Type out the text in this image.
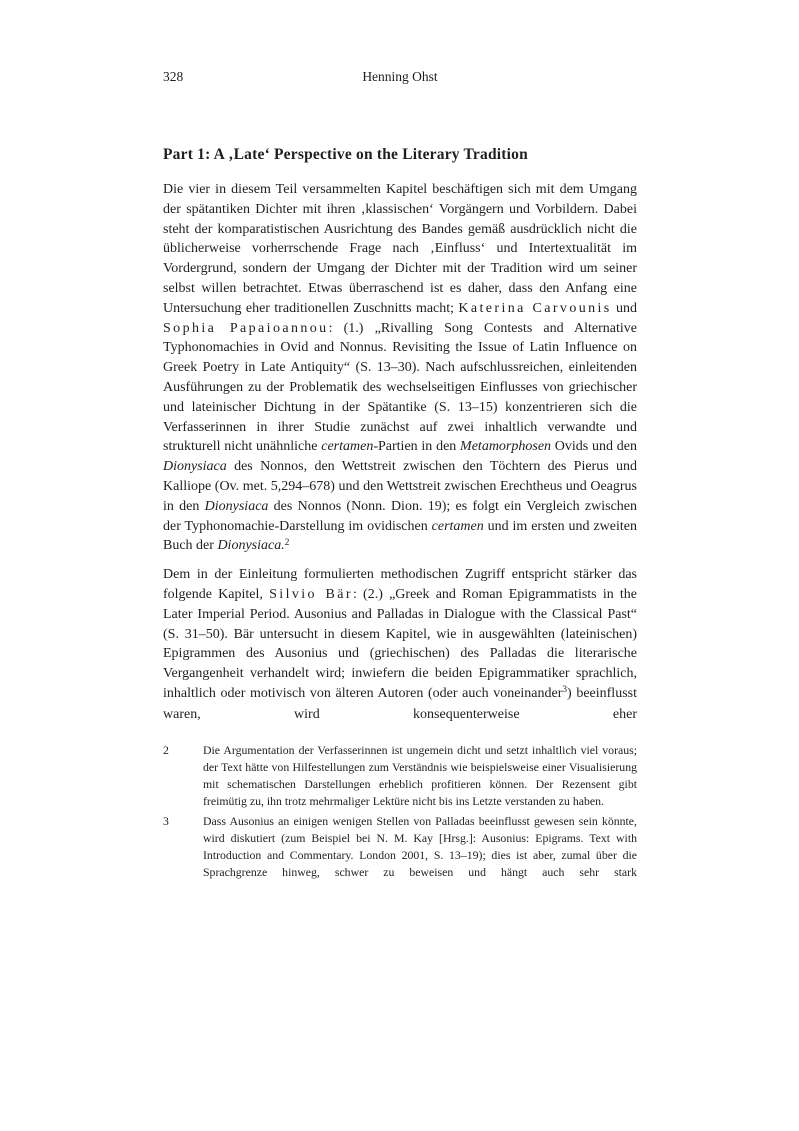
328	Henning Ohst
Part 1: A ‚Late‘ Perspective on the Literary Tradition

Die vier in diesem Teil versammelten Kapitel beschäftigen sich mit dem Umgang der spätantiken Dichter mit ihren ‚klassischen‘ Vorgängern und Vorbildern. Dabei steht der komparatistischen Ausrichtung des Bandes gemäß ausdrücklich nicht die üblicherweise vorherrschende Frage nach ‚Einfluss‘ und Intertextualität im Vordergrund, sondern der Umgang der Dichter mit der Tradition wird um seiner selbst willen betrachtet. Etwas überraschend ist es daher, dass den Anfang eine Untersuchung eher traditionellen Zuschnitts macht; Katerina Carvounis und Sophia Papaioannou: (1.) „Rivalling Song Contests and Alternative Typhonomachies in Ovid and Nonnus. Revisiting the Issue of Latin Influence on Greek Poetry in Late Antiquity“ (S. 13–30). Nach aufschlussreichen, einleitenden Ausführungen zu der Problematik des wechselseitigen Einflusses von griechischer und lateinischer Dichtung in der Spätantike (S. 13–15) konzentrieren sich die Verfasserinnen in ihrer Studie zunächst auf zwei inhaltlich verwandte und strukturell nicht unähnliche certamen-Partien in den Metamorphosen Ovids und den Dionysiaca des Nonnos, den Wettstreit zwischen den Töchtern des Pierus und Kalliope (Ov. met. 5,294–678) und den Wettstreit zwischen Erechtheus und Oeagrus in den Dionysiaca des Nonnos (Nonn. Dion. 19); es folgt ein Vergleich zwischen der Typhonomachie-Darstellung im ovidischen certamen und im ersten und zweiten Buch der Dionysiaca.$^2$

Dem in der Einleitung formulierten methodischen Zugriff entspricht stärker das folgende Kapitel, Silvio Bär: (2.) „Greek and Roman Epigrammatists in the Later Imperial Period. Ausonius and Palladas in Dialogue with the Classical Past“ (S. 31–50). Bär untersucht in diesem Kapitel, wie in ausgewählten (lateinischen) Epigrammen des Ausonius und (griechischen) des Palladas die literarische Vergangenheit verhandelt wird; inwiefern die beiden Epigrammatiker sprachlich, inhaltlich oder motivisch von älteren Autoren (oder auch voneinander$^3$) beeinflusst waren, wird konsequenterweise eher

2	Die Argumentation der Verfasserinnen ist ungemein dicht und setzt inhaltlich viel voraus; der Text hätte von Hilfestellungen zum Verständnis wie beispielsweise einer Visualisierung mit schematischen Darstellungen erheblich profitieren können. Der Rezensent gibt freimütig zu, ihn trotz mehrmaliger Lektüre nicht bis ins Letzte verstanden zu haben.
3	Dass Ausonius an einigen wenigen Stellen von Palladas beeinflusst gewesen sein könnte, wird diskutiert (zum Beispiel bei N. M. Kay [Hrsg.]: Ausonius: Epigrams. Text with Introduction and Commentary. London 2001, S. 13–19); dies ist aber, zumal über die Sprachgrenze hinweg, schwer zu beweisen und hängt auch sehr stark
